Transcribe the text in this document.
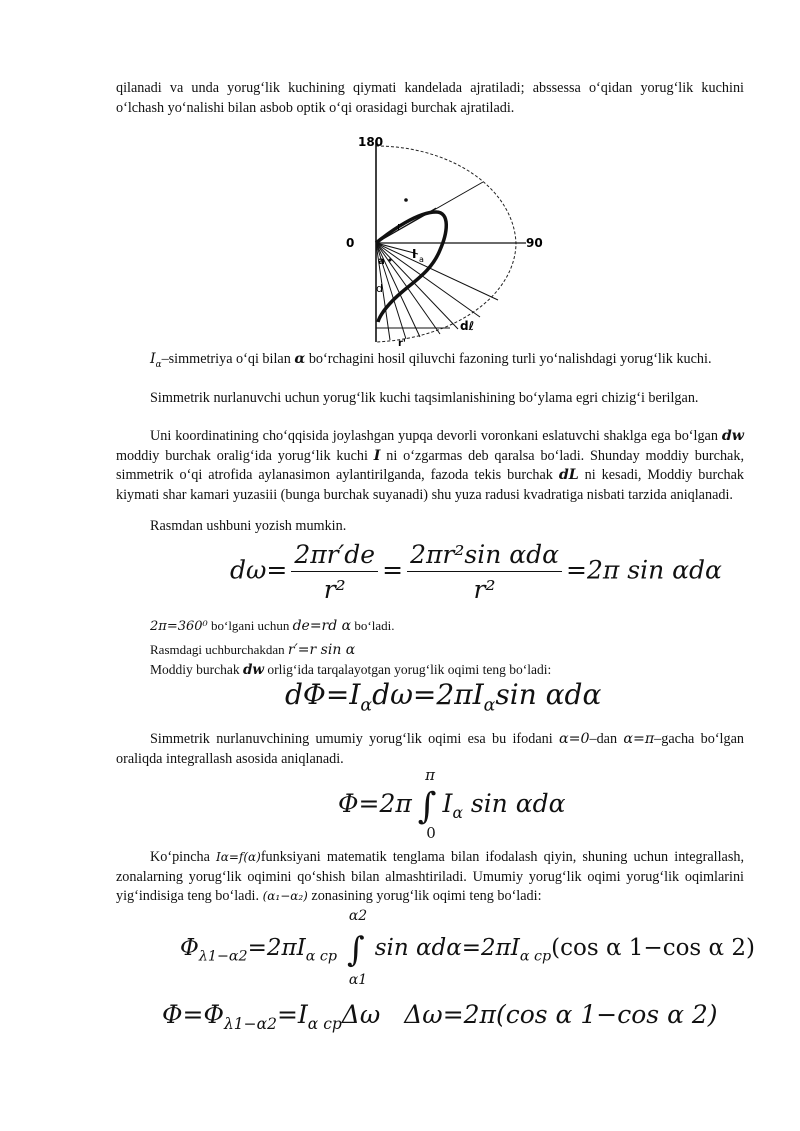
qilanadi va unda yorug‘lik kuchining qiymati kandelada ajratiladi; abssessa o‘qidan yorug‘lik kuchini o‘lchash yo‘nalishi bilan asbob optik o‘qi orasidagi burchak ajratiladi.
180
0	90
r
I a
a
d
dℓ
r'
$I_\alpha$–simmetriya o‘qi bilan α bo‘rchagini hosil qiluvchi fazoning turli yo‘nalishdagi yorug‘lik kuchi.
Simmetrik nurlanuvchi uchun yorug‘lik kuchi taqsimlanishining bo‘ylama egri chizig‘i berilgan.
Uni koordinatining cho‘qqisida joylashgan yupqa devorli voronkani eslatuvchi shaklga ega bo‘lgan dw moddiy burchak oralig‘ida yorug‘lik kuchi I ni o‘zgarmas deb qaralsa bo‘ladi. Shunday moddiy burchak, simmetrik o‘qi atrofida aylanasimon aylantirilganda, fazoda tekis burchak dL ni kesadi, Moddiy burchak kiymati shar kamari yuzasiii (bunga burchak suyanadi) shu yuza radusi kvadratiga nisbati tarzida aniqlanadi.
Rasmdan ushbuni yozish mumkin.
$d\omega= \frac{2\pi r'de}{\text{r²}} = \frac{\text{2πr²sin αdα}}{\text{r²}} =2\pi$ sin αdα
2π=360⁰ bo‘lgani uchun de=rd α bo‘ladi.
Rasmdagi uchburchakdan r′=r sin α
Moddiy burchak dw orlig‘ida tarqalayotgan yorug‘lik oqimi teng bo‘ladi:
$d\Phi=I_\alpha d\omega=2\pi I_\alpha\sin$ αdα
Simmetrik nurlanuvchining umumiy yorug‘lik oqimi esa bu ifodani α=0–dan α=π–gacha bo‘lgan oraliqda integrallash asosida aniqlanadi.
π
Φ=2π ∫ $I_\alpha$ sin αdα
0
Ko‘pincha Iα=f(α)funksiyani matematik tenglama bilan ifodalash qiyin, shuning uchun integrallash, zonalarning yorug‘lik oqimini qo‘shish bilan almashtiriladi. Umumiy yorug‘lik oqimi yorug‘lik oqimlarini yig‘indisiga teng bo‘ladi. (α₁−α₂) zonasining yorug‘lik oqimi teng bo‘ladi:
α2
$\Phi_{\lambda 1-\alpha 2}=2\pi I_{\alpha cp}$ ∫ $\sin \alpha d\alpha=2\pi I_{\alpha cp}(\cos$ α 1−cos α 2)
α1
$\Phi=\Phi_{\lambda 1-\alpha 2}=I_{\alpha cp}\Delta\omega$ Δω=2π(cos α 1−cos α 2)
